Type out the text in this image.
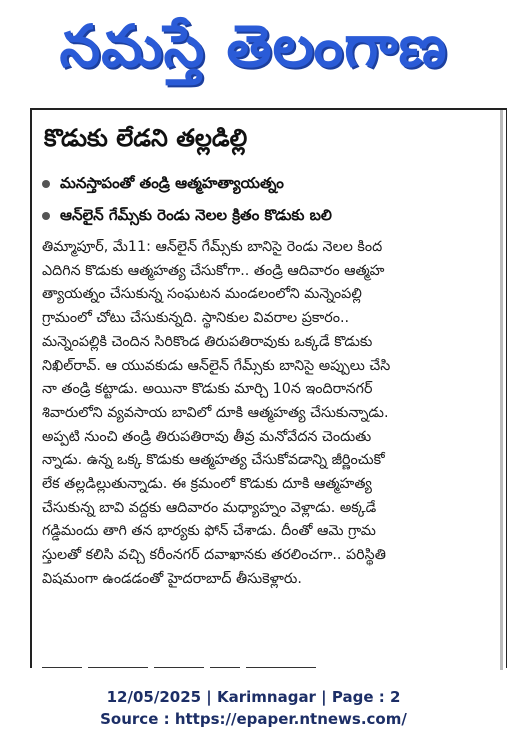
నమస్తే తెలంగాణ
కొడుకు లేడని తల్లడిల్లి
మనస్తాపంతో తండ్రి ఆత్మహత్యాయత్నం
ఆన్‌లైన్ గేమ్స్‌కు రెండు నెలల క్రితం కొడుకు బలి
తిమ్మాపూర్, మే11: ఆన్‌లైన్ గేమ్స్‌కు బానిసై రెండు నెలల కింద
ఎదిగిన కొడుకు ఆత్మహత్య చేసుకోగా.. తండ్రి ఆదివారం ఆత్మహ
త్యాయత్నం చేసుకున్న సంఘటన మండలంలోని మన్నెంపల్లి
గ్రామంలో చోటు చేసుకున్నది. స్థానికుల వివరాల ప్రకారం..
మన్నెంపల్లికి చెందిన సిరికొండ తిరుపతిరావుకు ఒక్కడే కొడుకు
నిఖిల్‌రావ్. ఆ యువకుడు ఆన్‌లైన్ గేమ్స్‌కు బానిసై అప్పులు చేసి
నా తండ్రి కట్టాడు. అయినా కొడుకు మార్చి 10న ఇందిరానగర్
శివారులోని వ్యవసాయ బావిలో దూకి ఆత్మహత్య చేసుకున్నాడు.
అప్పటి నుంచి తండ్రి తిరుపతిరావు తీవ్ర మనోవేదన చెందుతు
న్నాడు. ఉన్న ఒక్క కొడుకు ఆత్మహత్య చేసుకోవడాన్ని జీర్ణించుకో
లేక తల్లడిల్లుతున్నాడు. ఈ క్రమంలో కొడుకు దూకి ఆత్మహత్య
చేసుకున్న బావి వద్దకు ఆదివారం మధ్యాహ్నం వెళ్లాడు. అక్కడే
గడ్డిమందు తాగి తన భార్యకు ఫోన్ చేశాడు. దీంతో ఆమె గ్రామ
స్తులతో కలిసి వచ్చి కరీంనగర్ దవాఖానకు తరలించగా.. పరిస్థితి
విషమంగా ఉండడంతో హైదరాబాద్ తీసుకెళ్లారు.
12/05/2025 | Karimnagar | Page : 2
Source : https://epaper.ntnews.com/
